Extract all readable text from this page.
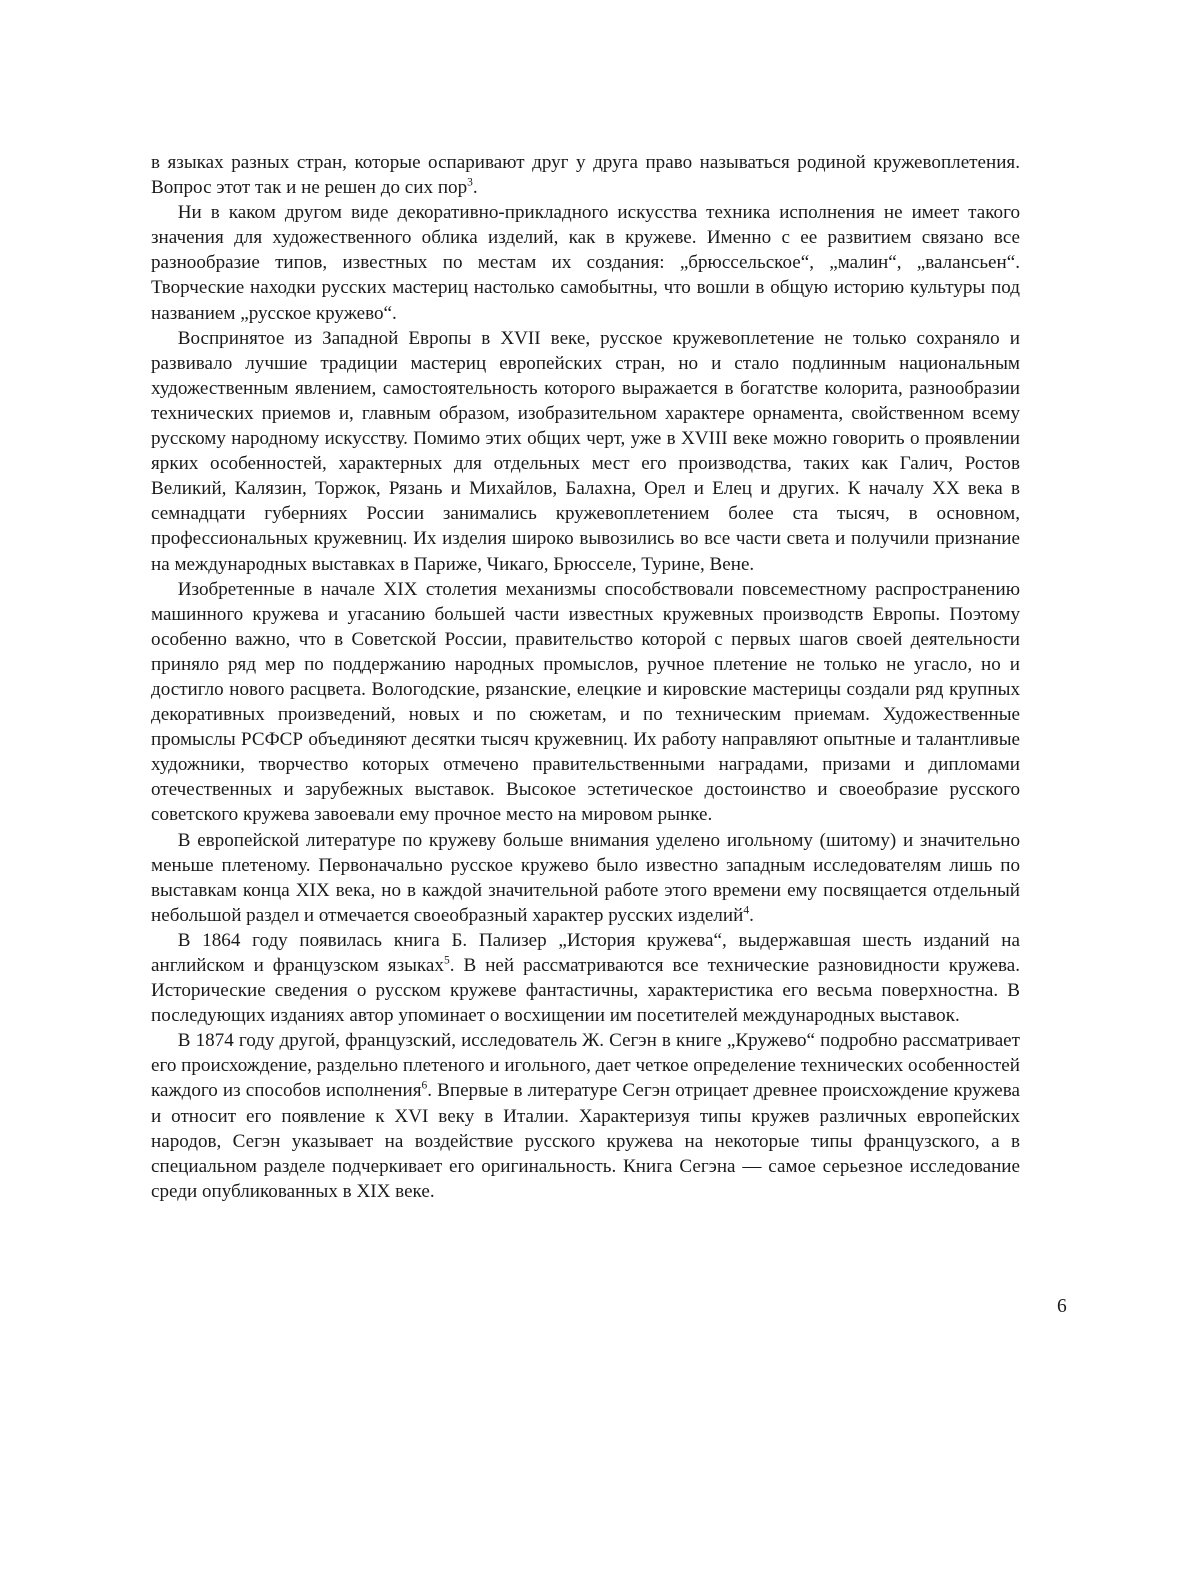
в языках разных стран, которые оспаривают друг у друга право называться родиной кружевоплетения. Вопрос этот так и не решен до сих пор$^3$.

Ни в каком другом виде декоративно-прикладного искусства техника исполнения не имеет такого значения для художественного облика изделий, как в кружеве. Именно с ее развитием связано все разнообразие типов, известных по местам их создания: „брюссельское“, „малин“, „валансьен“. Творческие находки русских мастериц настолько самобытны, что вошли в общую историю культуры под названием „русское кружево“.

Воспринятое из Западной Европы в XVII веке, русское кружевоплетение не только сохраняло и развивало лучшие традиции мастериц европейских стран, но и стало подлинным национальным художественным явлением, самостоятельность которого выражается в богатстве колорита, разнообразии технических приемов и, главным образом, изобразительном характере орнамента, свойственном всему русскому народному искусству. Помимо этих общих черт, уже в XVIII веке можно говорить о проявлении ярких особенностей, характерных для отдельных мест его производства, таких как Галич, Ростов Великий, Калязин, Торжок, Рязань и Михайлов, Балахна, Орел и Елец и других. К началу XX века в семнадцати губерниях России занимались кружевоплетением более ста тысяч, в основном, профессиональных кружевниц. Их изделия широко вывозились во все части света и получили признание на международных выставках в Париже, Чикаго, Брюсселе, Турине, Вене.

Изобретенные в начале XIX столетия механизмы способствовали повсеместному распространению машинного кружева и угасанию большей части известных кружевных производств Европы. Поэтому особенно важно, что в Советской России, правительство которой с первых шагов своей деятельности приняло ряд мер по поддержанию народных промыслов, ручное плетение не только не угасло, но и достигло нового расцвета. Вологодские, рязанские, елецкие и кировские мастерицы создали ряд крупных декоративных произведений, новых и по сюжетам, и по техническим приемам. Художественные промыслы РСФСР объединяют десятки тысяч кружевниц. Их работу направляют опытные и талантливые художники, творчество которых отмечено правительственными наградами, призами и дипломами отечественных и зарубежных выставок. Высокое эстетическое достоинство и своеобразие русского советского кружева завоевали ему прочное место на мировом рынке.

В европейской литературе по кружеву больше внимания уделено игольному (шитому) и значительно меньше плетеному. Первоначально русское кружево было известно западным исследователям лишь по выставкам конца XIX века, но в каждой значительной работе этого времени ему посвящается отдельный небольшой раздел и отмечается своеобразный характер русских изделий$^4$.

В 1864 году появилась книга Б. Пализер „История кружева“, выдержавшая шесть изданий на английском и французском языках$^5$. В ней рассматриваются все технические разновидности кружева. Исторические сведения о русском кружеве фантастичны, характеристика его весьма поверхностна. В последующих изданиях автор упоминает о восхищении им посетителей международных выставок.

В 1874 году другой, французский, исследователь Ж. Сегэн в книге „Кружево“ подробно рассматривает его происхождение, раздельно плетеного и игольного, дает четкое определение технических особенностей каждого из способов исполнения$^6$. Впервые в литературе Сегэн отрицает древнее происхождение кружева и относит его появление к XVI веку в Италии. Характеризуя типы кружев различных европейских народов, Сегэн указывает на воздействие русского кружева на некоторые типы французского, а в специальном разделе подчеркивает его оригинальность. Книга Сегэна — самое серьезное исследование среди опубликованных в XIX веке.

6
